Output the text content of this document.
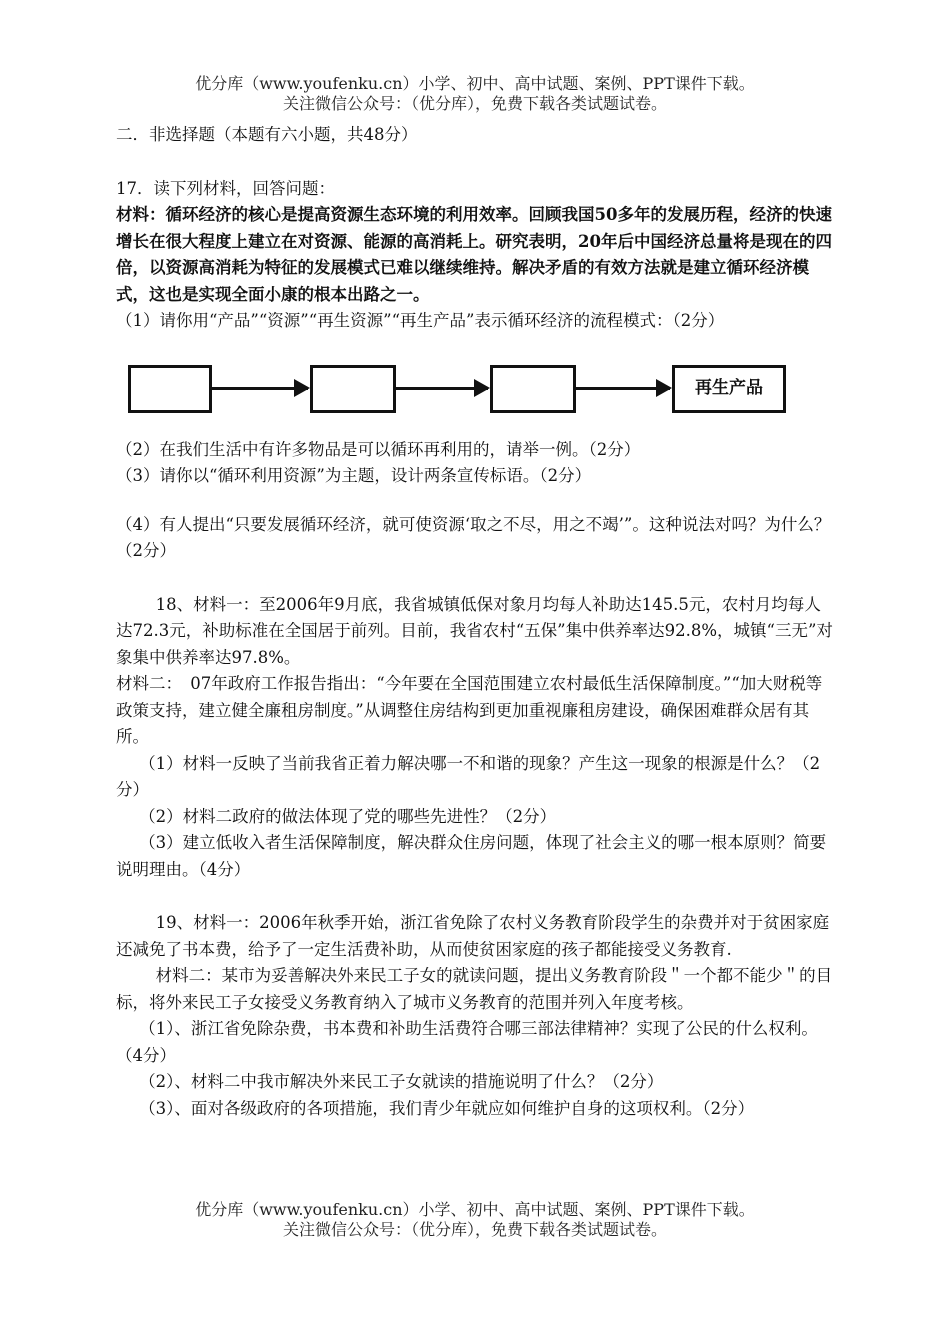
优分库（www.youfenku.cn）小学、初中、高中试题、案例、PPT课件下载。
关注微信公众号：（优分库），免费下载各类试题试卷。

二．非选择题（本题有六小题，共48分）

17．读下列材料，回答问题：

材料：循环经济的核心是提高资源生态环境的利用效率。回顾我国50多年的发展历程，经济的快速增长在很大程度上建立在对资源、能源的高消耗上。研究表明，20年后中国经济总量将是现在的四倍，以资源高消耗为特征的发展模式已难以继续维持。解决矛盾的有效方法就是建立循环经济模式，这也是实现全面小康的根本出路之一。

（1）请你用“产品”“资源”“再生资源”“再生产品”表示循环经济的流程模式：（2分）

再生产品

（2）在我们生活中有许多物品是可以循环再利用的，请举一例。（2分）

（3）请你以“循环利用资源”为主题，设计两条宣传标语。（2分）

（4）有人提出“只要发展循环经济，就可使资源‘取之不尽，用之不竭’”。这种说法对吗？为什么？（2分）

18、材料一：至2006年9月底，我省城镇低保对象月均每人补助达145.5元，农村月均每人达72.3元，补助标准在全国居于前列。目前，我省农村“五保”集中供养率达92.8%，城镇“三无”对象集中供养率达97.8%。

材料二：　07年政府工作报告指出：“今年要在全国范围建立农村最低生活保障制度。”“加大财税等政策支持，建立健全廉租房制度。”从调整住房结构到更加重视廉租房建设，确保困难群众居有其所。

（1）材料一反映了当前我省正着力解决哪一不和谐的现象？产生这一现象的根源是什么？（2分）

（2）材料二政府的做法体现了党的哪些先进性？（2分）

（3）建立低收入者生活保障制度，解决群众住房问题，体现了社会主义的哪一根本原则？简要说明理由。（4分）

19、材料一：2006年秋季开始，浙江省免除了农村义务教育阶段学生的杂费并对于贫困家庭还减免了书本费，给予了一定生活费补助，从而使贫困家庭的孩子都能接受义务教育.

材料二：某市为妥善解决外来民工子女的就读问题，提出义务教育阶段＂一个都不能少＂的目标，将外来民工子女接受义务教育纳入了城市义务教育的范围并列入年度考核。

（1）、浙江省免除杂费，书本费和补助生活费符合哪三部法律精神？实现了公民的什么权利。（4分）

（2）、材料二中我市解决外来民工子女就读的措施说明了什么？（2分）

（3）、面对各级政府的各项措施，我们青少年就应如何维护自身的这项权利。（2分）

优分库（www.youfenku.cn）小学、初中、高中试题、案例、PPT课件下载。
关注微信公众号：（优分库），免费下载各类试题试卷。
